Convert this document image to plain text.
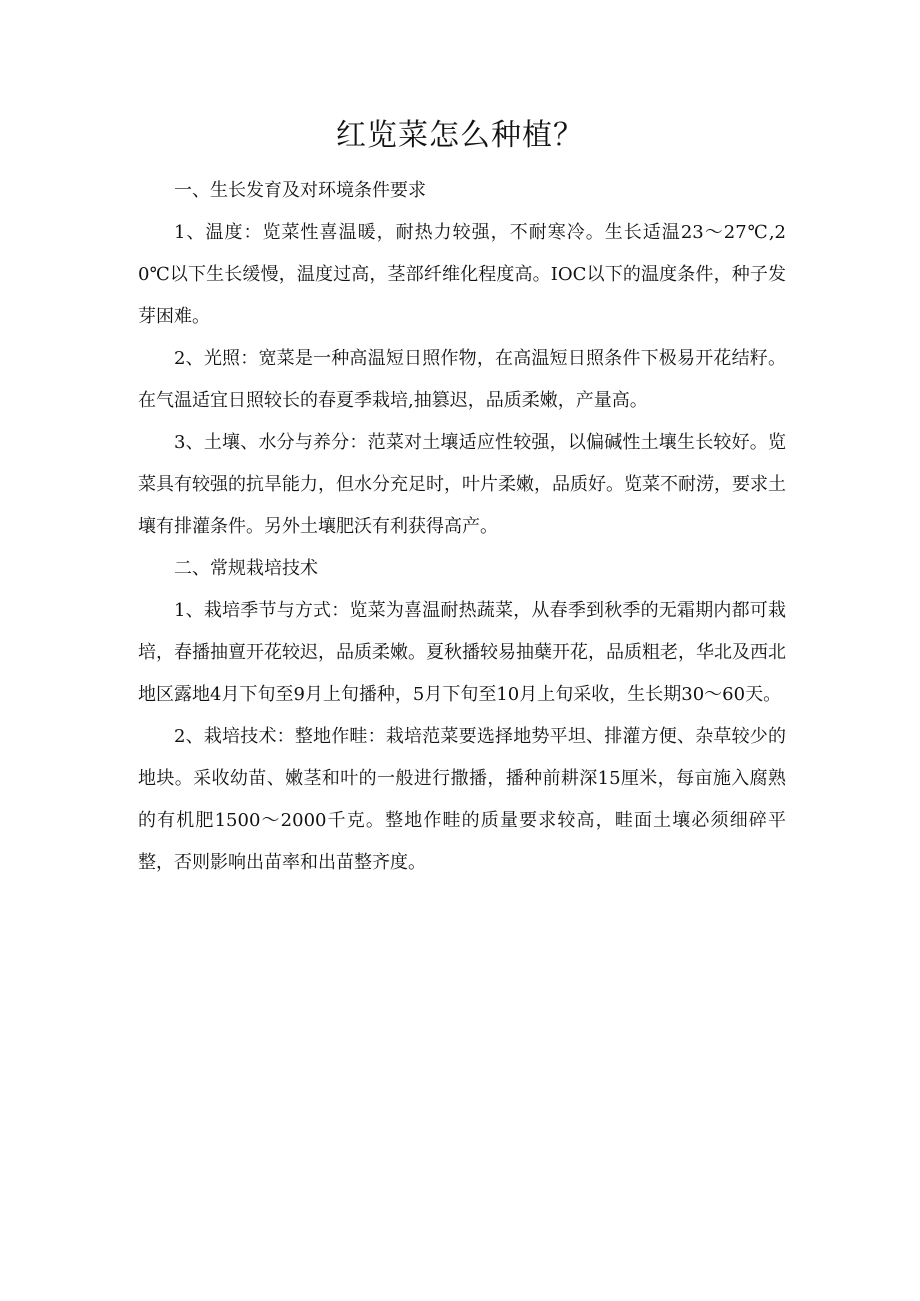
红览菜怎么种植？

一、生长发育及对环境条件要求

1、温度：览菜性喜温暖，耐热力较强，不耐寒冷。生长适温23～27℃,20℃以下生长缓慢，温度过高，茎部纤维化程度高。IOC以下的温度条件，种子发芽困难。

2、光照：宽菜是一种高温短日照作物，在高温短日照条件下极易开花结籽。在气温适宜日照较长的春夏季栽培,抽篡迟，品质柔嫩，产量高。

3、土壤、水分与养分：范菜对土壤适应性较强，以偏碱性土壤生长较好。览菜具有较强的抗旱能力，但水分充足时，叶片柔嫩，品质好。览菜不耐涝，要求土壤有排灌条件。另外土壤肥沃有利获得高产。

二、常规栽培技术

1、栽培季节与方式：览菜为喜温耐热蔬菜，从春季到秋季的无霜期内都可栽培，春播抽亶开花较迟，品质柔嫩。夏秋播较易抽蘖开花，品质粗老，华北及西北地区露地4月下旬至9月上旬播种，5月下旬至10月上旬采收，生长期30～60天。

2、栽培技术：整地作畦：栽培范菜要选择地势平坦、排灌方便、杂草较少的地块。采收幼苗、嫩茎和叶的一般进行撒播，播种前耕深15厘米，每亩施入腐熟的有机肥1500～2000千克。整地作畦的质量要求较高，畦面土壤必须细碎平整，否则影响出苗率和出苗整齐度。
